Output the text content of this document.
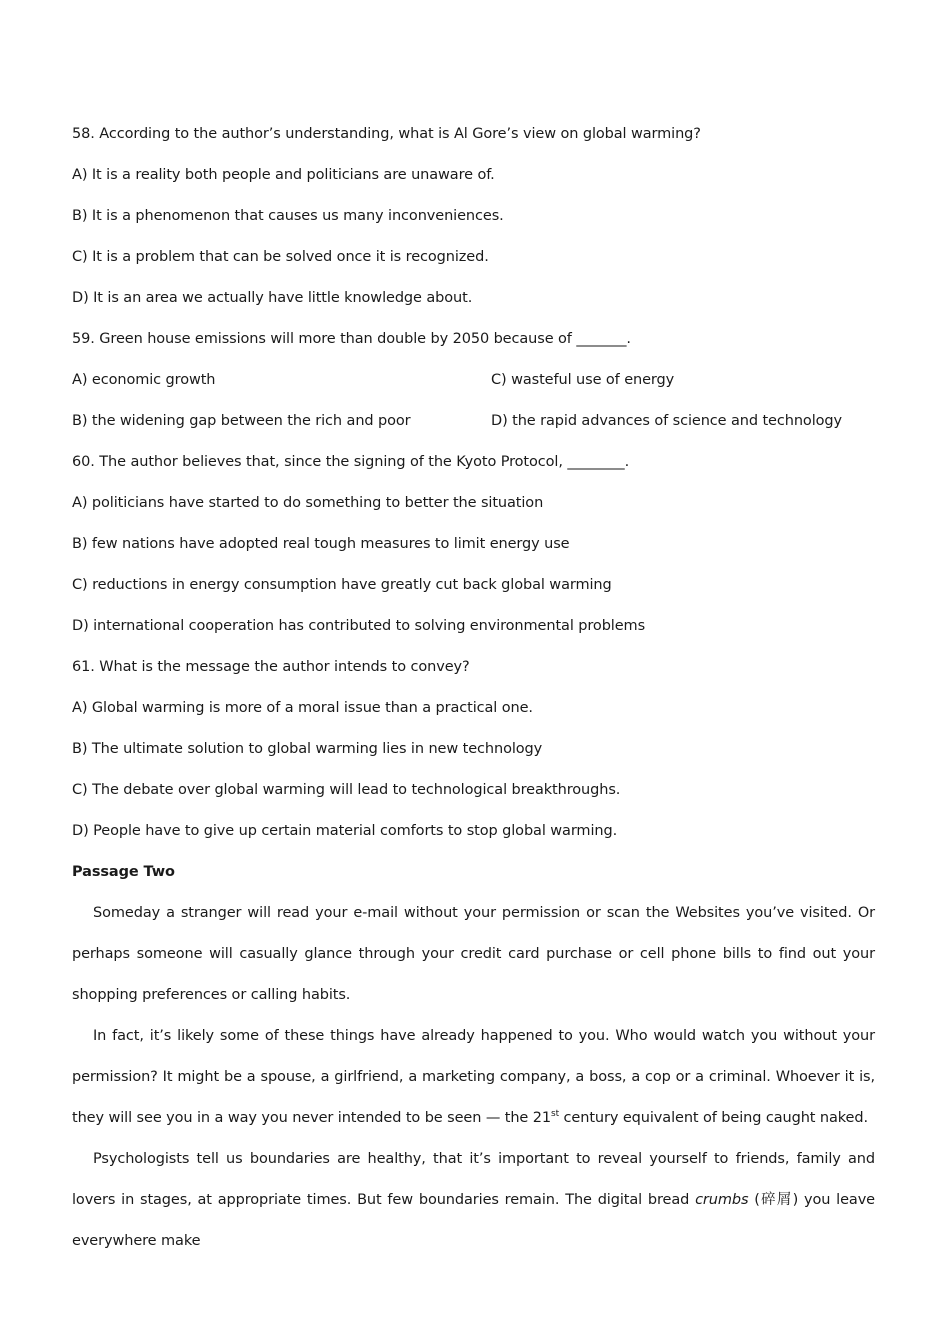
58. According to the author’s understanding, what is Al Gore’s view on global warming?
A) It is a reality both people and politicians are unaware of.
B) It is a phenomenon that causes us many inconveniences.
C) It is a problem that can be solved once it is recognized.
D) It is an area we actually have little knowledge about.
59. Green house emissions will more than double by 2050 because of _______.
A) economic growth	C) wasteful use of energy
B) the widening gap between the rich and poor	D) the rapid advances of science and technology
60. The author believes that, since the signing of the Kyoto Protocol, ________.
A) politicians have started to do something to better the situation
B) few nations have adopted real tough measures to limit energy use
C) reductions in energy consumption have greatly cut back global warming
D) international cooperation has contributed to solving environmental problems
61. What is the message the author intends to convey?
A) Global warming is more of a moral issue than a practical one.
B) The ultimate solution to global warming lies in new technology
C) The debate over global warming will lead to technological breakthroughs.
D) People have to give up certain material comforts to stop global warming.
Passage Two
Someday a stranger will read your e-mail without your permission or scan the Websites you’ve visited. Or perhaps someone will casually glance through your credit card purchase or cell phone bills to find out your shopping preferences or calling habits.
In fact, it’s likely some of these things have already happened to you. Who would watch you without your permission? It might be a spouse, a girlfriend, a marketing company, a boss, a cop or a criminal. Whoever it is, they will see you in a way you never intended to be seen — the 21st century equivalent of being caught naked.
Psychologists tell us boundaries are healthy, that it’s important to reveal yourself to friends, family and lovers in stages, at appropriate times. But few boundaries remain. The digital bread crumbs (碎屑) you leave everywhere make
